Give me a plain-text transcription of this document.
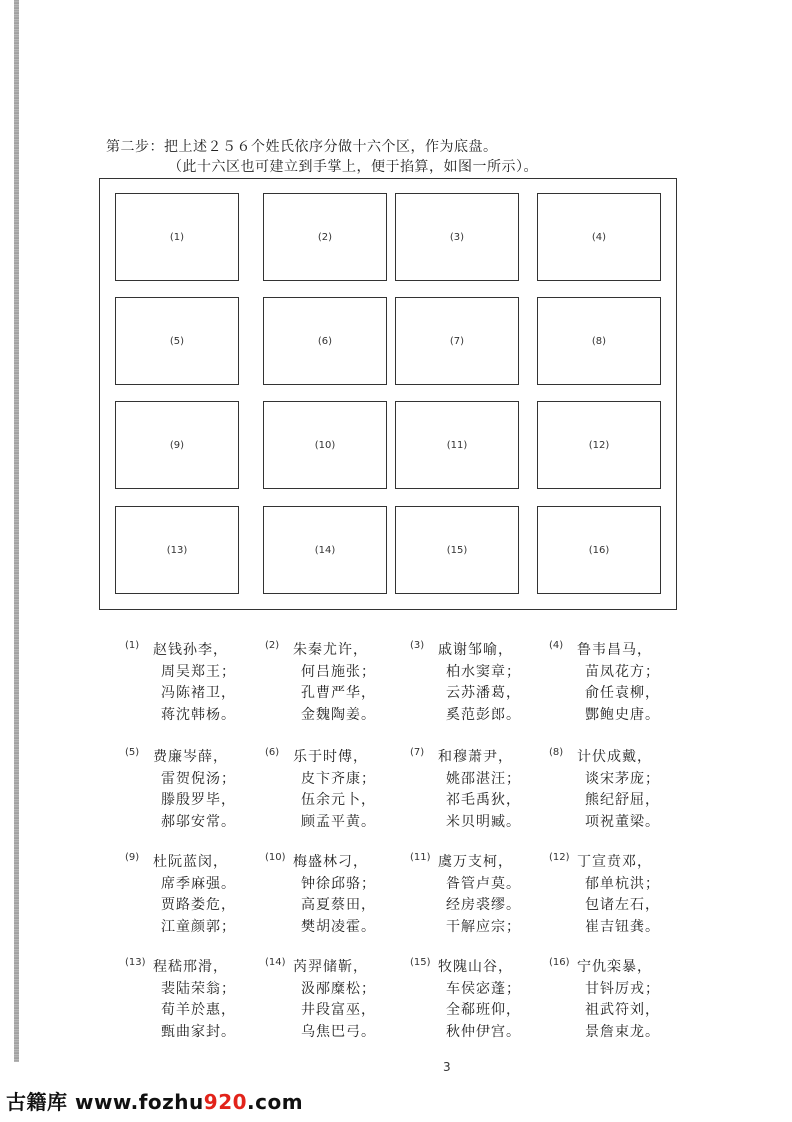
第二步：把上述２５６个姓氏依序分做十六个区，作为底盘。
（此十六区也可建立到手掌上，便于掐算，如图一所示）。
(1)	(2)	(3)	(4)
(5)	(6)	(7)	(8)
(9)	(10)	(11)	(12)
(13)	(14)	(15)	(16)
(1) 赵钱孙李，
周吴郑王；
冯陈褚卫，
蒋沈韩杨。
(2) 朱秦尤许，
何吕施张；
孔曹严华，
金魏陶姜。
(3) 戚谢邹喻，
柏水窦章；
云苏潘葛，
奚范彭郎。
(4) 鲁韦昌马，
苗凤花方；
俞任袁柳，
酆鲍史唐。
(5) 费廉岑薛，
雷贺倪汤；
滕殷罗毕，
郝邬安常。
(6) 乐于时傅，
皮卞齐康；
伍余元卜，
顾孟平黄。
(7) 和穆萧尹，
姚邵湛汪；
祁毛禹狄，
米贝明臧。
(8) 计伏成戴，
谈宋茅庞；
熊纪舒屈，
项祝董梁。
(9) 杜阮蓝闵，
席季麻强。
贾路娄危，
江童颜郭；
(10) 梅盛林刁，
钟徐邱骆；
高夏蔡田，
樊胡凌霍。
(11) 虞万支柯，
昝管卢莫。
经房裘缪。
干解应宗；
(12) 丁宣贲邓，
郁单杭洪；
包诸左石，
崔吉钮龚。
(13) 程嵇邢滑，
裴陆荣翁；
荀羊於惠，
甄曲家封。
(14) 芮羿储靳，
汲邴糜松；
井段富巫，
乌焦巴弓。
(15) 牧隗山谷，
车侯宓蓬；
全郗班仰，
秋仲伊宫。
(16) 宁仇栾暴，
甘钭厉戎；
祖武符刘，
景詹束龙。
3
古籍库 www.fozhu920.com
